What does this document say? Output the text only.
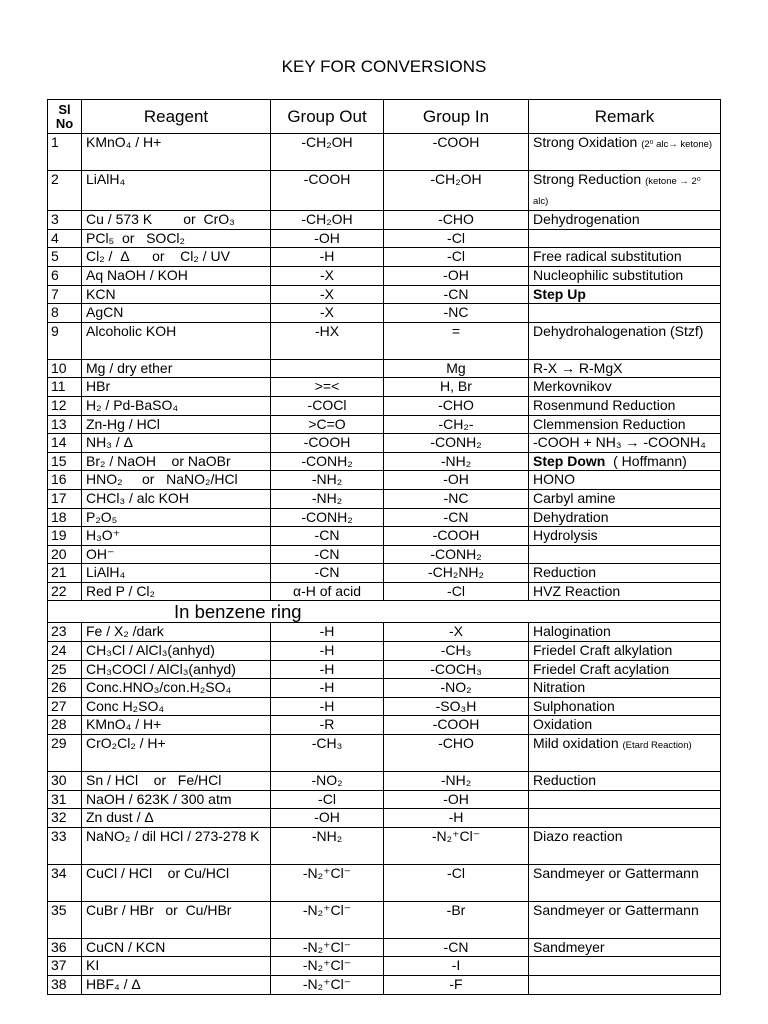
KEY FOR CONVERSIONS
Sl No	Reagent	Group Out	Group In	Remark
1	KMnO₄ / H+	-CH₂OH	-COOH	Strong Oxidation (2⁰ alc→ ketone)
2	LiAlH₄	-COOH	-CH₂OH	Strong Reduction (ketone → 2⁰ alc)
3	Cu / 573 K        or  CrO₃	-CH₂OH	-CHO	Dehydrogenation
4	PCl₅  or   SOCl₂	-OH	-Cl	
5	Cl₂ /  Δ      or    Cl₂ / UV	-H	-Cl	Free radical substitution
6	Aq NaOH / KOH	-X	-OH	Nucleophilic substitution
7	KCN	-X	-CN	Step Up
8	AgCN	-X	-NC	
9	Alcoholic KOH	-HX	=	Dehydrohalogenation (Stzf)
10	Mg / dry ether		Mg	R-X → R-MgX
11	HBr	>=<	H, Br	Merkovnikov
12	H₂ / Pd-BaSO₄	-COCl	-CHO	Rosenmund Reduction
13	Zn-Hg / HCl	>C=O	-CH₂-	Clemmension Reduction
14	NH₃ / Δ	-COOH	-CONH₂	-COOH + NH₃ → -COONH₄
15	Br₂ / NaOH    or NaOBr	-CONH₂	-NH₂	Step Down  ( Hoffmann)
16	HNO₂     or   NaNO₂/HCl	-NH₂	-OH	HONO
17	CHCl₃ / alc KOH	-NH₂	-NC	Carbyl amine
18	P₂O₅	-CONH₂	-CN	Dehydration
19	H₃O⁺	-CN	-COOH	Hydrolysis
20	OH⁻	-CN	-CONH₂	
21	LiAlH₄	-CN	-CH₂NH₂	Reduction
22	Red P / Cl₂	α-H of acid	-Cl	HVZ Reaction
In benzene ring				
23	Fe / X₂ /dark	-H	-X	Halogination
24	CH₃Cl / AlCl₃(anhyd)	-H	-CH₃	Friedel Craft alkylation
25	CH₃COCl / AlCl₃(anhyd)	-H	-COCH₃	Friedel Craft acylation
26	Conc.HNO₃/con.H₂SO₄	-H	-NO₂	Nitration
27	Conc H₂SO₄	-H	-SO₃H	Sulphonation
28	KMnO₄ / H+	-R	-COOH	Oxidation
29	CrO₂Cl₂ / H+	-CH₃	-CHO	Mild oxidation (Etard Reaction)
30	Sn / HCl    or   Fe/HCl	-NO₂	-NH₂	Reduction
31	NaOH / 623K / 300 atm	-Cl	-OH	
32	Zn dust / Δ	-OH	-H	
33	NaNO₂ / dil HCl / 273-278 K	-NH₂	-N₂⁺Cl⁻	Diazo reaction
34	CuCl / HCl    or Cu/HCl	-N₂⁺Cl⁻	-Cl	Sandmeyer or Gattermann
35	CuBr / HBr   or  Cu/HBr	-N₂⁺Cl⁻	-Br	Sandmeyer or Gattermann
36	CuCN / KCN	-N₂⁺Cl⁻	-CN	Sandmeyer
37	KI	-N₂⁺Cl⁻	-I	
38	HBF₄ / Δ	-N₂⁺Cl⁻	-F	
